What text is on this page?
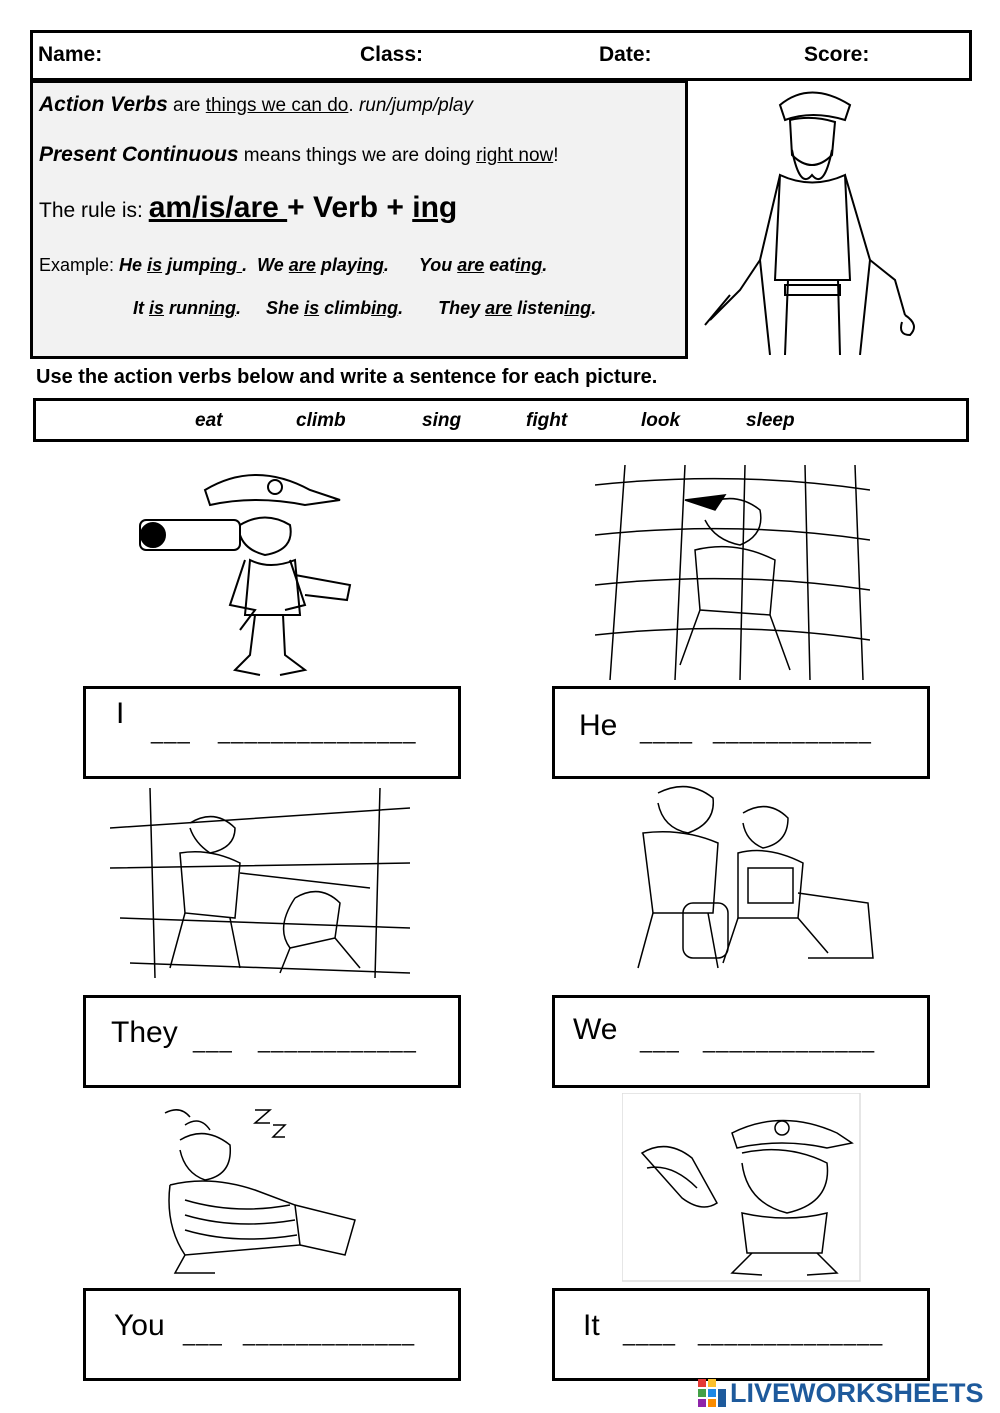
Name:	Class:	Date:	Score:
Action Verbs are things we can do. run/jump/play
Present Continuous means things we are doing right now!
The rule is: am/is/are + Verb + ing
Example: He is jumping . We are playing. You are eating.
It is running. She is climbing. They are listening.
Use the action verbs below and write a sentence for each picture.
eat	climb	sing	fight	look	sleep
I
___ _______________	He ____ ____________
They ___ ____________	We ___ _____________
You ___ _____________	It ____ ______________
LIVEWORKSHEETS
